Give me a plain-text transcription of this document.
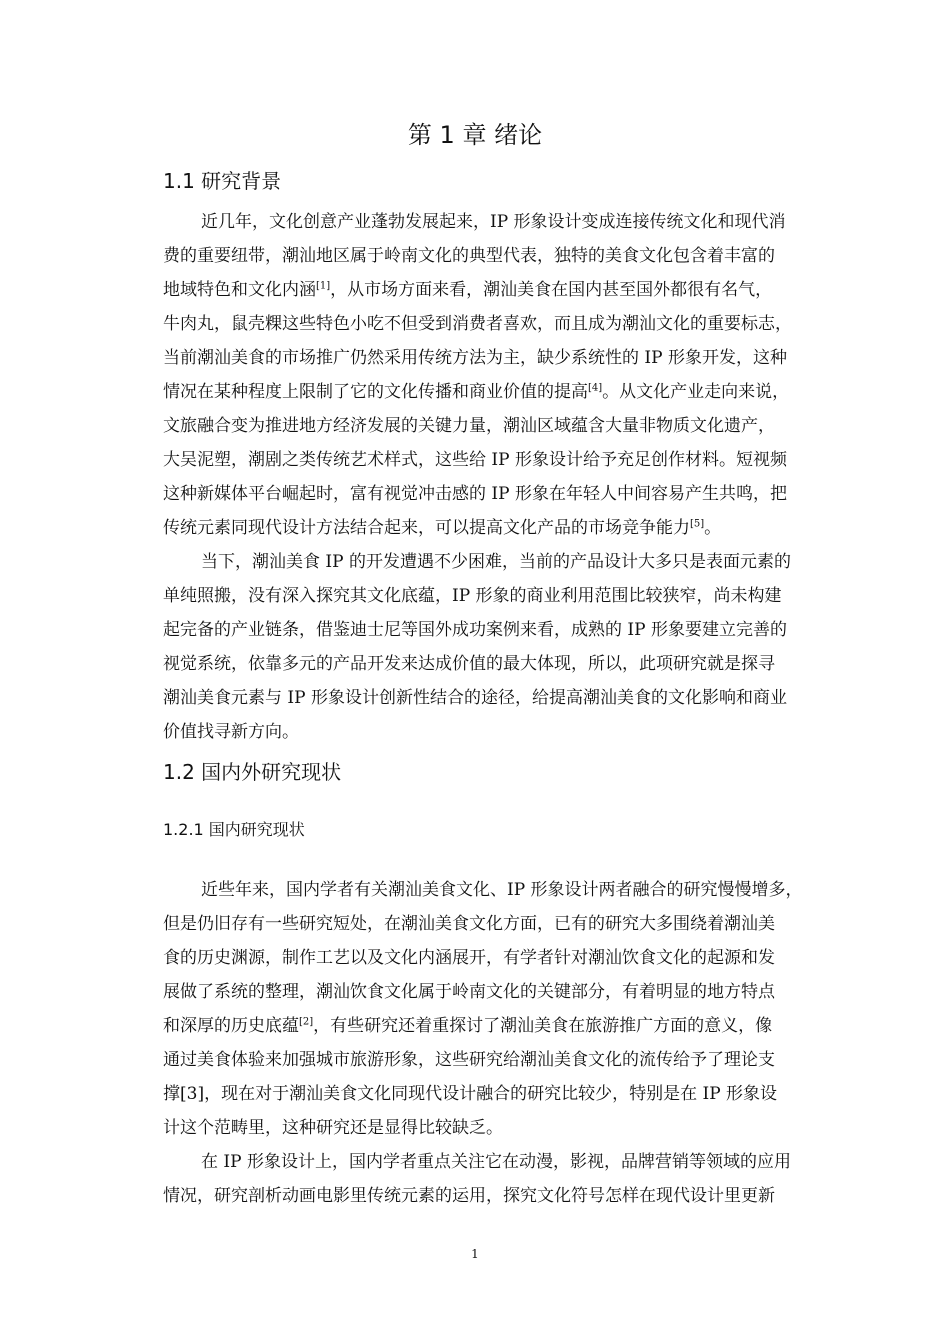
第 1 章 绪论
1.1 研究背景

近几年，文化创意产业蓬勃发展起来，IP 形象设计变成连接传统文化和现代消

费的重要纽带，潮汕地区属于岭南文化的典型代表，独特的美食文化包含着丰富的

地域特色和文化内涵[1]，从市场方面来看，潮汕美食在国内甚至国外都很有名气，

牛肉丸，鼠壳粿这些特色小吃不但受到消费者喜欢，而且成为潮汕文化的重要标志，

当前潮汕美食的市场推广仍然采用传统方法为主，缺少系统性的 IP 形象开发，这种

情况在某种程度上限制了它的文化传播和商业价值的提高[4]。从文化产业走向来说，

文旅融合变为推进地方经济发展的关键力量，潮汕区域蕴含大量非物质文化遗产，

大吴泥塑，潮剧之类传统艺术样式，这些给 IP 形象设计给予充足创作材料。短视频

这种新媒体平台崛起时，富有视觉冲击感的 IP 形象在年轻人中间容易产生共鸣，把

传统元素同现代设计方法结合起来，可以提高文化产品的市场竞争能力[5]。

当下，潮汕美食 IP 的开发遭遇不少困难，当前的产品设计大多只是表面元素的

单纯照搬，没有深入探究其文化底蕴，IP 形象的商业利用范围比较狭窄，尚未构建

起完备的产业链条，借鉴迪士尼等国外成功案例来看，成熟的 IP 形象要建立完善的

视觉系统，依靠多元的产品开发来达成价值的最大体现，所以，此项研究就是探寻

潮汕美食元素与 IP 形象设计创新性结合的途径，给提高潮汕美食的文化影响和商业

价值找寻新方向。

1.2 国内外研究现状
1.2.1 国内研究现状

近些年来，国内学者有关潮汕美食文化、IP 形象设计两者融合的研究慢慢增多，

但是仍旧存有一些研究短处，在潮汕美食文化方面，已有的研究大多围绕着潮汕美

食的历史渊源，制作工艺以及文化内涵展开，有学者针对潮汕饮食文化的起源和发

展做了系统的整理，潮汕饮食文化属于岭南文化的关键部分，有着明显的地方特点

和深厚的历史底蕴[2]，有些研究还着重探讨了潮汕美食在旅游推广方面的意义，像

通过美食体验来加强城市旅游形象，这些研究给潮汕美食文化的流传给予了理论支

撑[3]，现在对于潮汕美食文化同现代设计融合的研究比较少，特别是在 IP 形象设

计这个范畴里，这种研究还是显得比较缺乏。

在 IP 形象设计上，国内学者重点关注它在动漫，影视，品牌营销等领域的应用

情况，研究剖析动画电影里传统元素的运用，探究文化符号怎样在现代设计里更新

1
